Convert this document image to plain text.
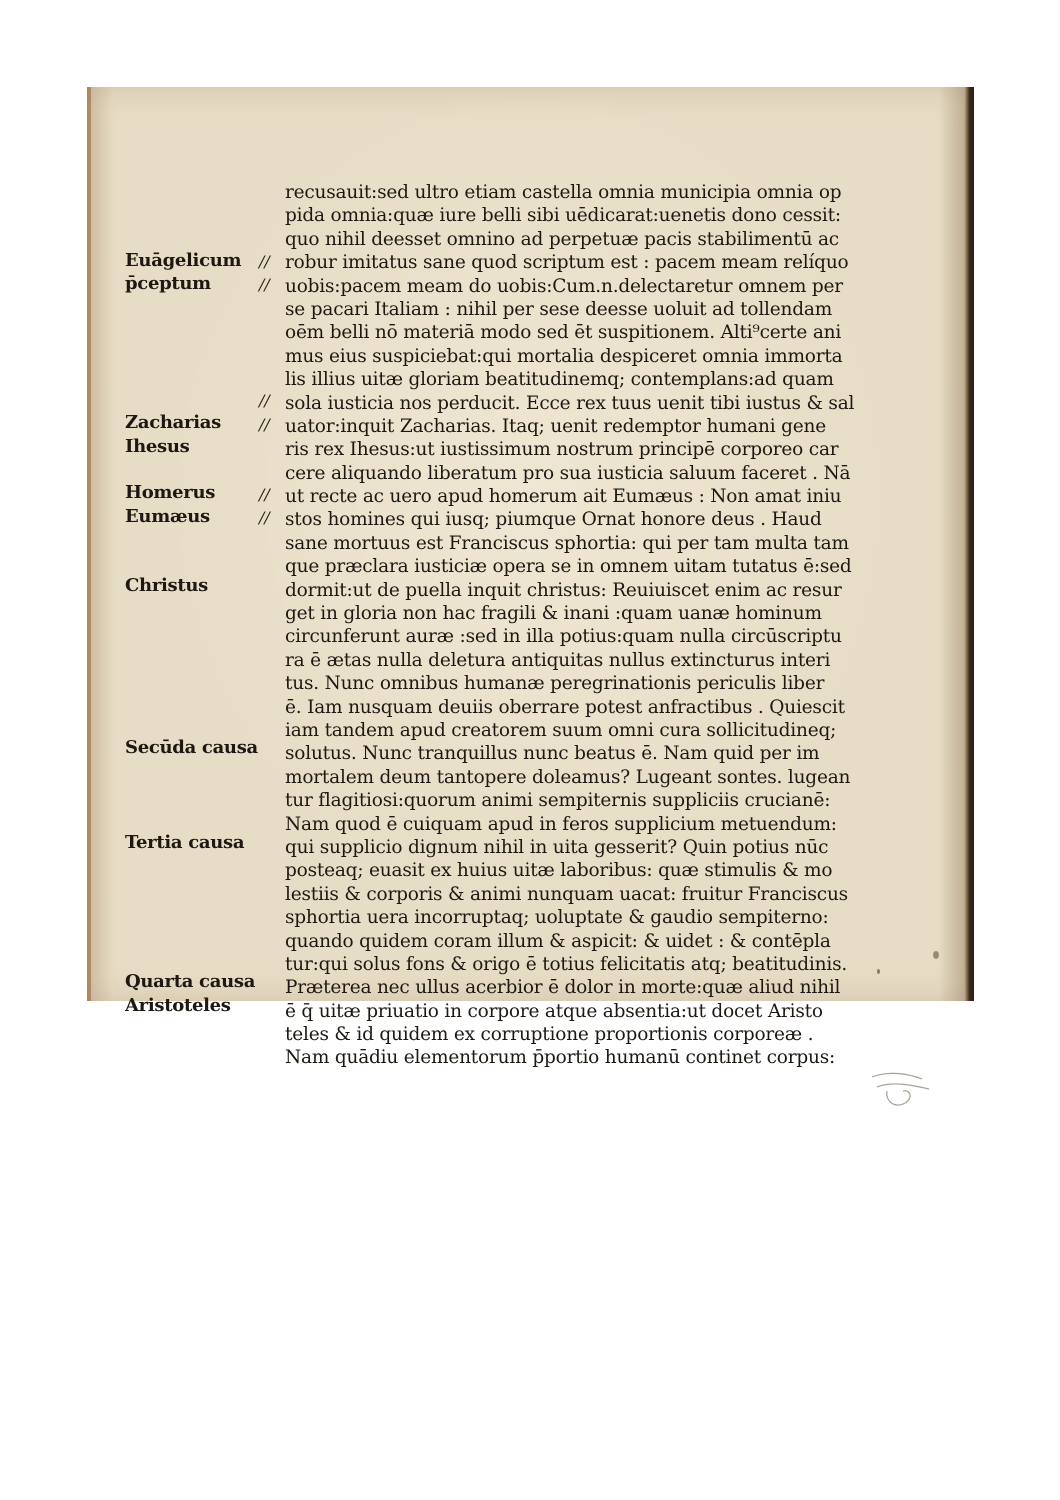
recusauit:sed ultro etiam castella omnia municipia omnia op
pida omnia:quæ iure belli sibi uēdicarat:uenetis dono cessit:
quo nihil deesset omnino ad perpetuæ pacis stabilimentū ac
robur imitatus sane quod scriptum est : pacem meam relíquo
uobis:pacem meam do uobis:Cum.n.delectaretur omnem per
se pacari Italiam : nihil per sese deesse uoluit ad tollendam
oēm belli nō materiā modo sed ēt suspitionem. Alti⁹certe ani
mus eius suspiciebat:qui mortalia despiceret omnia immorta
lis illius uitæ gloriam beatitudinemq; contemplans:ad quam
sola iusticia nos perducit. Ecce rex tuus uenit tibi iustus & sal
uator:inquit Zacharias. Itaq; uenit redemptor humani gene
ris rex Ihesus:ut iustissimum nostrum principē corporeo car
cere aliquando liberatum pro sua iusticia saluum faceret . Nā
ut recte ac uero apud homerum ait Eumæus : Non amat iniu
stos homines qui iusq; piumque Ornat honore deus . Haud
sane mortuus est Franciscus sphortia: qui per tam multa tam
que præclara iusticiæ opera se in omnem uitam tutatus ē:sed
dormit:ut de puella inquit christus: Reuiuiscet enim ac resur
get in gloria non hac fragili & inani :quam uanæ hominum
circunferunt auræ :sed in illa potius:quam nulla circūscriptu
ra ē ætas nulla deletura antiquitas nullus extincturus interi
tus. Nunc omnibus humanæ peregrinationis periculis liber
ē. Iam nusquam deuiis oberrare potest anfractibus . Quiescit
iam tandem apud creatorem suum omni cura sollicitudineq;
solutus. Nunc tranquillus nunc beatus ē. Nam quid per im
mortalem deum tantopere doleamus? Lugeant sontes. lugean
tur flagitiosi:quorum animi sempiternis suppliciis crucianē:
Nam quod ē cuiquam apud in feros supplicium metuendum:
qui supplicio dignum nihil in uita gesserit? Quin potius nūc
posteaq; euasit ex huius uitæ laboribus: quæ stimulis & mo
lestiis & corporis & animi nunquam uacat: fruitur Franciscus
sphortia uera incorruptaq; uoluptate & gaudio sempiterno:
quando quidem coram illum & aspicit: & uidet : & contēpla
tur:qui solus fons & origo ē totius felicitatis atq; beatitudinis.
Præterea nec ullus acerbior ē dolor in morte:quæ aliud nihil
ē q̄ uitæ priuatio in corpore atque absentia:ut docet Aristo
teles & id quidem ex corruptione proportionis corporeæ .
Nam quādiu elementorum p̄portio humanū continet corpus:
Euāgelicum
p̄ceptum
Zacharias
Ihesus
Homerus
Eumæus
Christus
Secūda causa
Tertia causa
Quarta causa
Aristoteles
//
//
//
//
//
//
